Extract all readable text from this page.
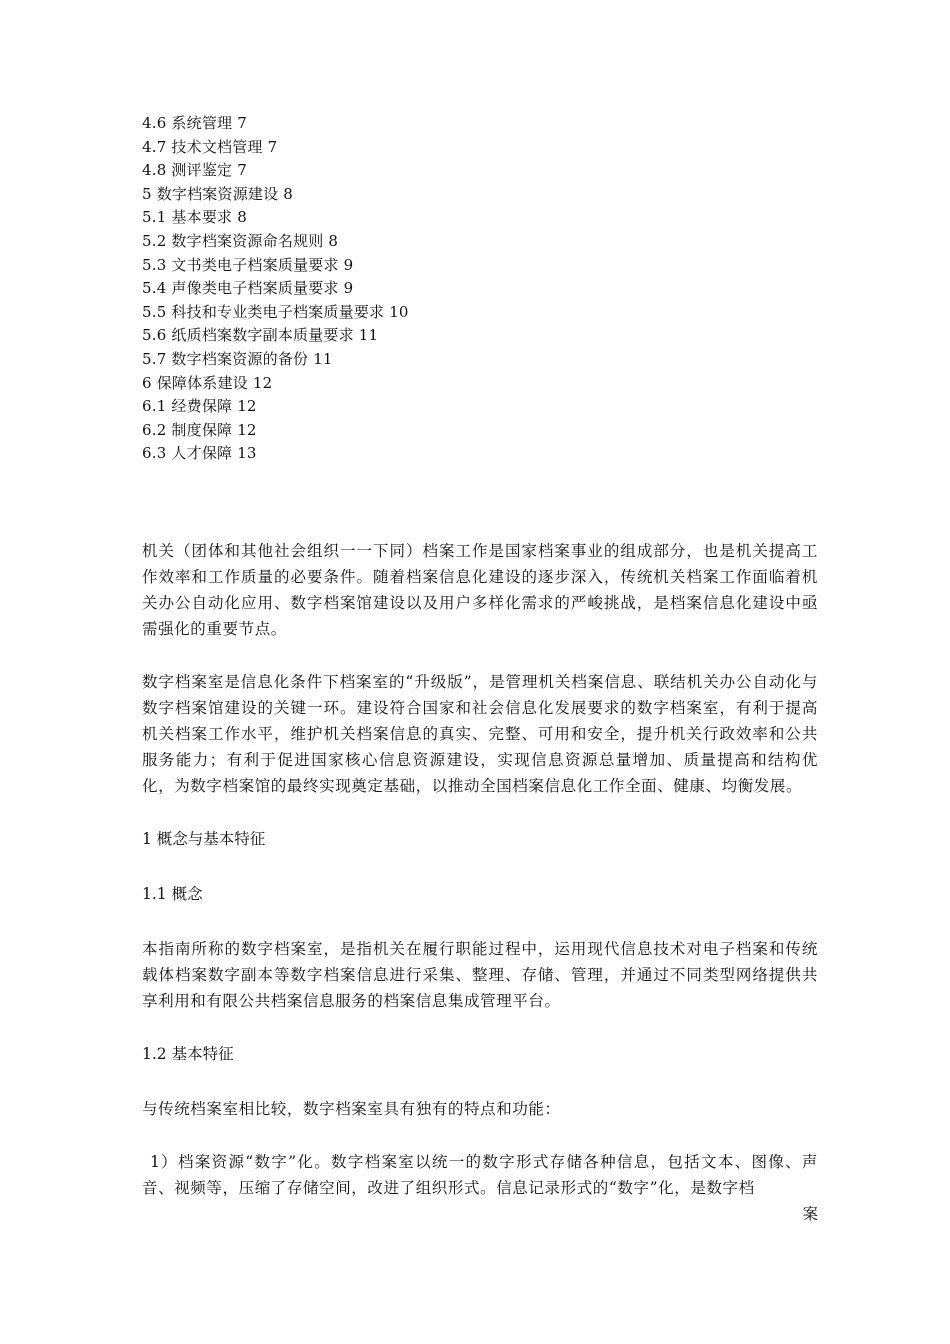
4.6 系统管理 7
4.7 技术文档管理 7
4.8 测评鉴定 7
5 数字档案资源建设 8
5.1 基本要求 8
5.2 数字档案资源命名规则 8
5.3 文书类电子档案质量要求 9
5.4 声像类电子档案质量要求 9
5.5 科技和专业类电子档案质量要求 10
5.6 纸质档案数字副本质量要求 11
5.7 数字档案资源的备份 11
6 保障体系建设 12
6.1 经费保障 12
6.2 制度保障 12
6.3 人才保障 13

机关（团体和其他社会组织一一下同）档案工作是国家档案事业的组成部分，也是机关提高工作效率和工作质量的必要条件。随着档案信息化建设的逐步深入，传统机关档案工作面临着机关办公自动化应用、数字档案馆建设以及用户多样化需求的严峻挑战，是档案信息化建设中亟需强化的重要节点。

数字档案室是信息化条件下档案室的“升级版”，是管理机关档案信息、联结机关办公自动化与数字档案馆建设的关键一环。建设符合国家和社会信息化发展要求的数字档案室，有利于提高机关档案工作水平，维护机关档案信息的真实、完整、可用和安全，提升机关行政效率和公共服务能力；有利于促进国家核心信息资源建设，实现信息资源总量增加、质量提高和结构优化，为数字档案馆的最终实现奠定基础，以推动全国档案信息化工作全面、健康、均衡发展。

1 概念与基本特征

1.1 概念

本指南所称的数字档案室，是指机关在履行职能过程中，运用现代信息技术对电子档案和传统载体档案数字副本等数字档案信息进行采集、整理、存储、管理，并通过不同类型网络提供共享利用和有限公共档案信息服务的档案信息集成管理平台。

1.2 基本特征

与传统档案室相比较，数字档案室具有独有的特点和功能：

1）档案资源“数字”化。数字档案室以统一的数字形式存储各种信息，包括文本、图像、声音、视频等，压缩了存储空间，改进了组织形式。信息记录形式的“数字”化，是数字档

案
